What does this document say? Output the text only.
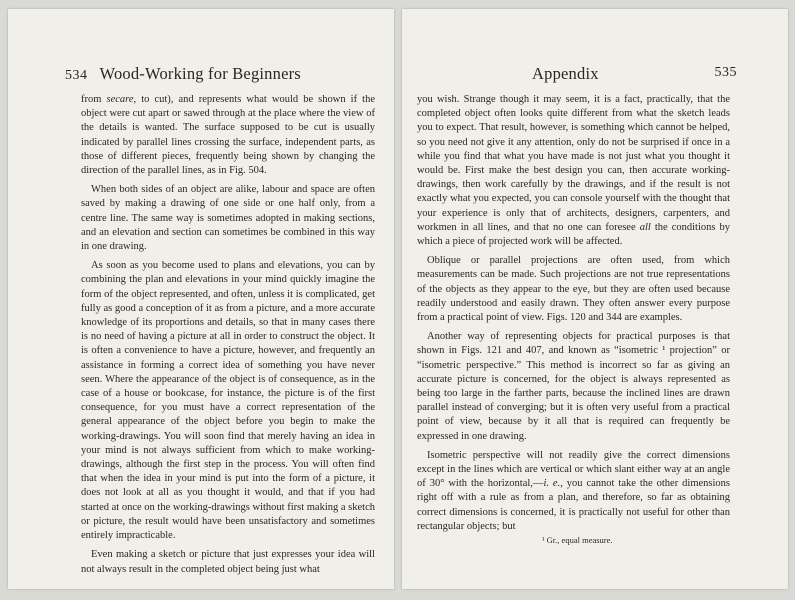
534 Wood-Working for Beginners

from secare, to cut), and represents what would be shown if the object were cut apart or sawed through at the place where the view of the details is wanted. The surface supposed to be cut is usually indicated by parallel lines crossing the surface, independent parts, as those of different pieces, frequently being shown by changing the direction of the parallel lines, as in Fig. 504.

When both sides of an object are alike, labour and space are often saved by making a drawing of one side or one half only, from a centre line. The same way is sometimes adopted in making sections, and an elevation and section can sometimes be combined in this way in one drawing.

As soon as you become used to plans and elevations, you can by combining the plan and elevations in your mind quickly imagine the form of the object represented, and often, unless it is complicated, get fully as good a conception of it as from a picture, and a more accurate knowledge of its proportions and details, so that in many cases there is no need of having a picture at all in order to construct the object. It is often a convenience to have a picture, however, and frequently an assistance in forming a correct idea of something you have never seen. Where the appearance of the object is of consequence, as in the case of a house or bookcase, for instance, the picture is of the first consequence, for you must have a correct representation of the general appearance of the object before you begin to make the working-drawings. You will soon find that merely having an idea in your mind is not always sufficient from which to make working-drawings, although the first step in the process. You will often find that when the idea in your mind is put into the form of a picture, it does not look at all as you thought it would, and that if you had started at once on the working-drawings without first making a sketch or picture, the result would have been unsatisfactory and sometimes entirely impracticable.

Even making a sketch or picture that just expresses your idea will not always result in the completed object being just what

Appendix	535

you wish. Strange though it may seem, it is a fact, practically, that the completed object often looks quite different from what the sketch leads you to expect. That result, however, is something which cannot be helped, so you need not give it any attention, only do not be surprised if once in a while you find that what you have made is not just what you thought it would be. First make the best design you can, then accurate working-drawings, then work carefully by the drawings, and if the result is not exactly what you expected, you can console yourself with the thought that your experience is only that of architects, designers, carpenters, and workmen in all lines, and that no one can foresee all the conditions by which a piece of projected work will be affected.

Oblique or parallel projections are often used, from which measurements can be made. Such projections are not true representations of the objects as they appear to the eye, but they are often used because readily understood and easily drawn. They often answer every purpose from a practical point of view. Figs. 120 and 344 are examples.

Another way of representing objects for practical purposes is that shown in Figs. 121 and 407, and known as “isometric ¹ projection” or “isometric perspective.” This method is incorrect so far as giving an accurate picture is concerned, for the object is always represented as being too large in the farther parts, because the inclined lines are drawn parallel instead of converging; but it is often very useful from a practical point of view, because by it all that is required can frequently be expressed in one drawing.

Isometric perspective will not readily give the correct dimensions except in the lines which are vertical or which slant either way at an angle of 30° with the horizontal,—i. e., you cannot take the other dimensions right off with a rule as from a plan, and therefore, so far as obtaining correct dimensions is concerned, it is practically not useful for other than rectangular objects; but

¹ Gr., equal measure.
